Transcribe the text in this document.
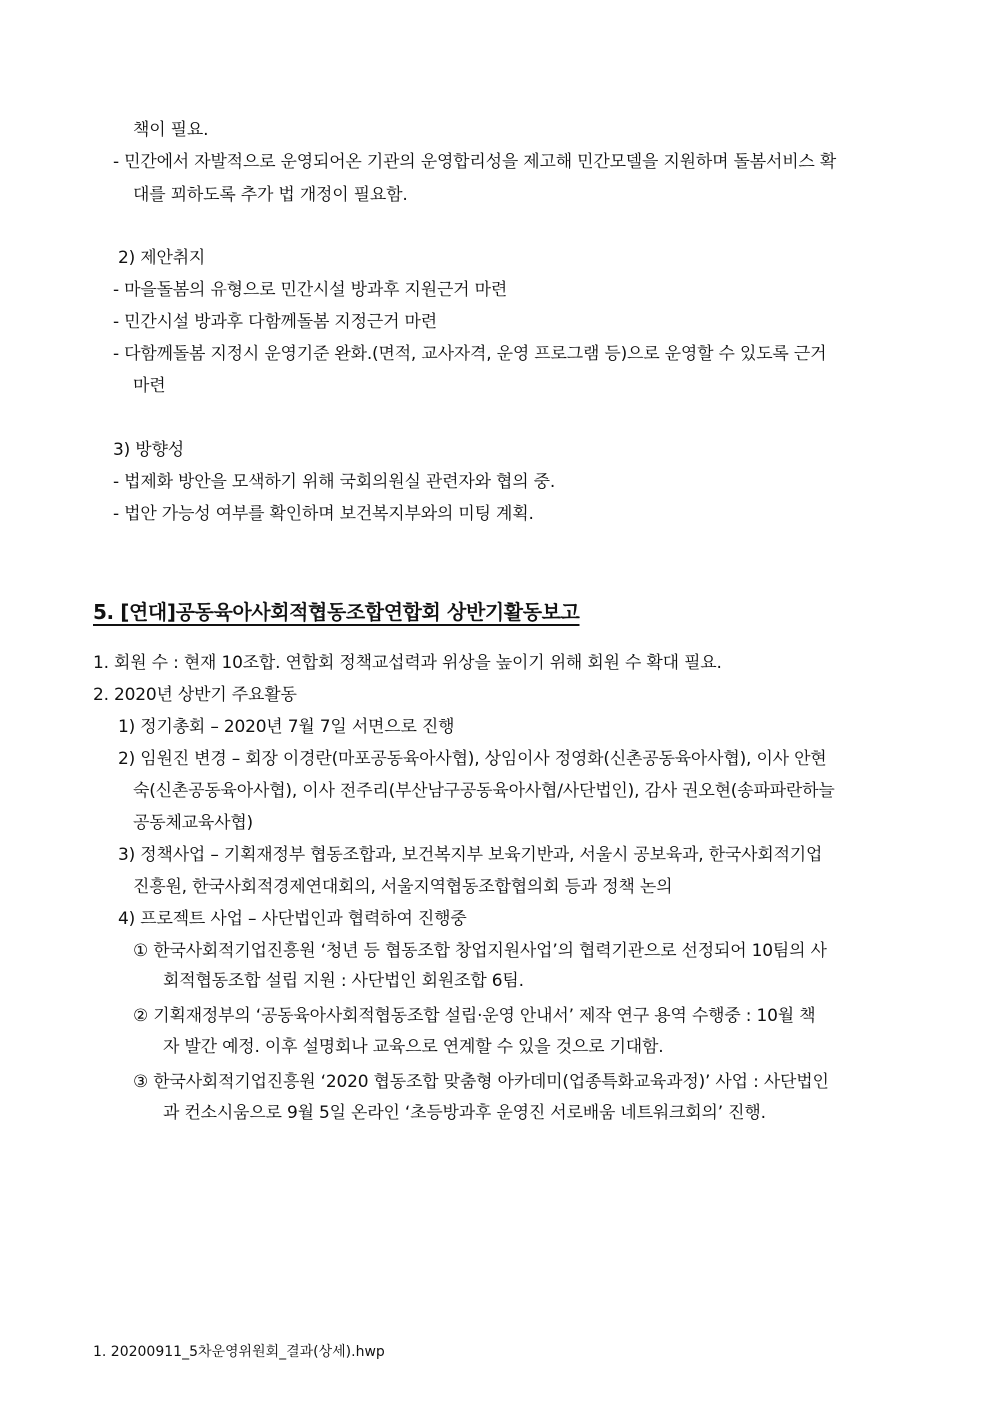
책이 필요.
- 민간에서 자발적으로 운영되어온 기관의 운영합리성을 제고해 민간모델을 지원하며 돌봄서비스 확
대를 꾀하도록 추가 법 개정이 필요함.
2) 제안취지
- 마을돌봄의 유형으로 민간시설 방과후 지원근거 마련
- 민간시설 방과후 다함께돌봄 지정근거 마련
- 다함께돌봄 지정시 운영기준 완화.(면적, 교사자격, 운영 프로그램 등)으로 운영할 수 있도록 근거
마련
3) 방향성
- 법제화 방안을 모색하기 위해 국회의원실 관련자와 협의 중.
- 법안 가능성 여부를 확인하며 보건복지부와의 미팅 계획.
5. [연대]공동육아사회적협동조합연합회 상반기활동보고
1. 회원 수 : 현재 10조합. 연합회 정책교섭력과 위상을 높이기 위해 회원 수 확대 필요.
2. 2020년 상반기 주요활동
1) 정기총회 – 2020년 7월 7일 서면으로 진행
2) 임원진 변경 – 회장 이경란(마포공동육아사협), 상임이사 정영화(신촌공동육아사협), 이사 안현
숙(신촌공동육아사협), 이사 전주리(부산남구공동육아사협/사단법인), 감사 권오현(송파파란하늘
공동체교육사협)
3) 정책사업 – 기획재정부 협동조합과, 보건복지부 보육기반과, 서울시 공보육과, 한국사회적기업
진흥원, 한국사회적경제연대회의, 서울지역협동조합협의회 등과 정책 논의
4) 프로젝트 사업 – 사단법인과 협력하여 진행중
① 한국사회적기업진흥원 ‘청년 등 협동조합 창업지원사업’의 협력기관으로 선정되어 10팀의 사
회적협동조합 설립 지원 : 사단법인 회원조합 6팀.
② 기획재정부의 ‘공동육아사회적협동조합 설립·운영 안내서’ 제작 연구 용역 수행중 : 10월 책
자 발간 예정. 이후 설명회나 교육으로 연계할 수 있을 것으로 기대함.
③ 한국사회적기업진흥원 ‘2020 협동조합 맞춤형 아카데미(업종특화교육과정)’ 사업 : 사단법인
과 컨소시움으로 9월 5일 온라인 ‘초등방과후 운영진 서로배움 네트워크회의’ 진행.
1. 20200911_5차운영위원회_결과(상세).hwp
